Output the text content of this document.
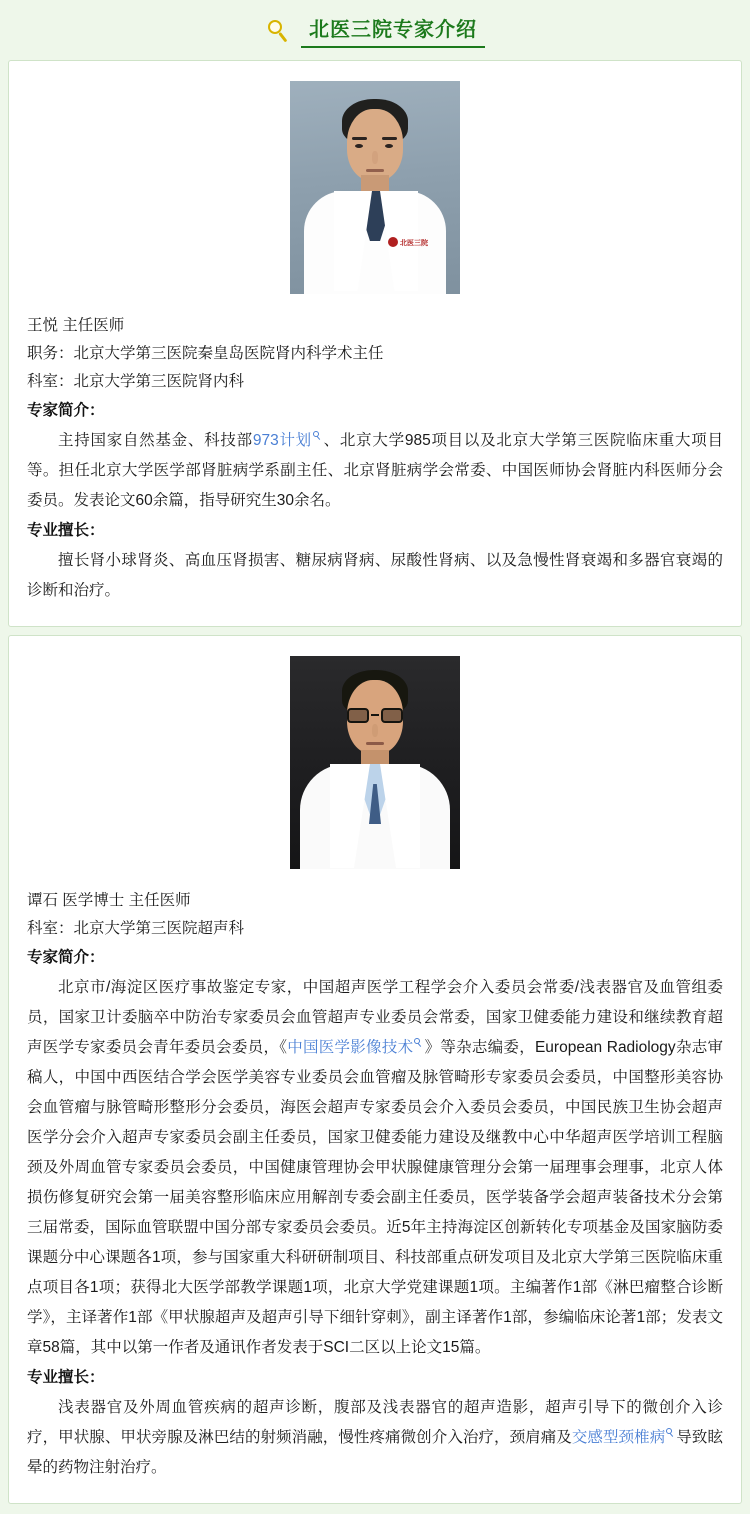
北医三院专家介绍
北医三院
王悦 主任医师
职务：北京大学第三医院秦皇岛医院肾内科学术主任
科室：北京大学第三医院肾内科
专家简介：

主持国家自然基金、科技部973计划 、北京大学985项目以及北京大学第三医院临床重大项目等。担任北京大学医学部肾脏病学系副主任、北京肾脏病学会常委、中国医师协会肾脏内科医师分会委员。发表论文60余篇，指导研究生30余名。

专业擅长：

擅长肾小球肾炎、高血压肾损害、糖尿病肾病、尿酸性肾病、以及急慢性肾衰竭和多器官衰竭的诊断和治疗。

谭石 医学博士 主任医师
科室：北京大学第三医院超声科
专家简介：

北京市/海淀区医疗事故鉴定专家，中国超声医学工程学会介入委员会常委/浅表器官及血管组委员，国家卫计委脑卒中防治专家委员会血管超声专业委员会常委，国家卫健委能力建设和继续教育超声医学专家委员会青年委员会委员，《中国医学影像技术 》等杂志编委，European Radiology杂志审稿人，中国中西医结合学会医学美容专业委员会血管瘤及脉管畸形专家委员会委员，中国整形美容协会血管瘤与脉管畸形整形分会委员，海医会超声专家委员会介入委员会委员，中国民族卫生协会超声医学分会介入超声专家委员会副主任委员，国家卫健委能力建设及继教中心中华超声医学培训工程脑颈及外周血管专家委员会委员，中国健康管理协会甲状腺健康管理分会第一届理事会理事，北京人体损伤修复研究会第一届美容整形临床应用解剖专委会副主任委员，医学装备学会超声装备技术分会第三届常委，国际血管联盟中国分部专家委员会委员。近5年主持海淀区创新转化专项基金及国家脑防委课题分中心课题各1项，参与国家重大科研研制项目、科技部重点研发项目及北京大学第三医院临床重点项目各1项；获得北大医学部教学课题1项，北京大学党建课题1项。主编著作1部《淋巴瘤整合诊断学》，主译著作1部《甲状腺超声及超声引导下细针穿刺》，副主译著作1部，参编临床论著1部；发表文章58篇，其中以第一作者及通讯作者发表于SCI二区以上论文15篇。

专业擅长：

浅表器官及外周血管疾病的超声诊断，腹部及浅表器官的超声造影，超声引导下的微创介入诊疗，甲状腺、甲状旁腺及淋巴结的射频消融，慢性疼痛微创介入治疗，颈肩痛及交感型颈椎病 导致眩晕的药物注射治疗。
